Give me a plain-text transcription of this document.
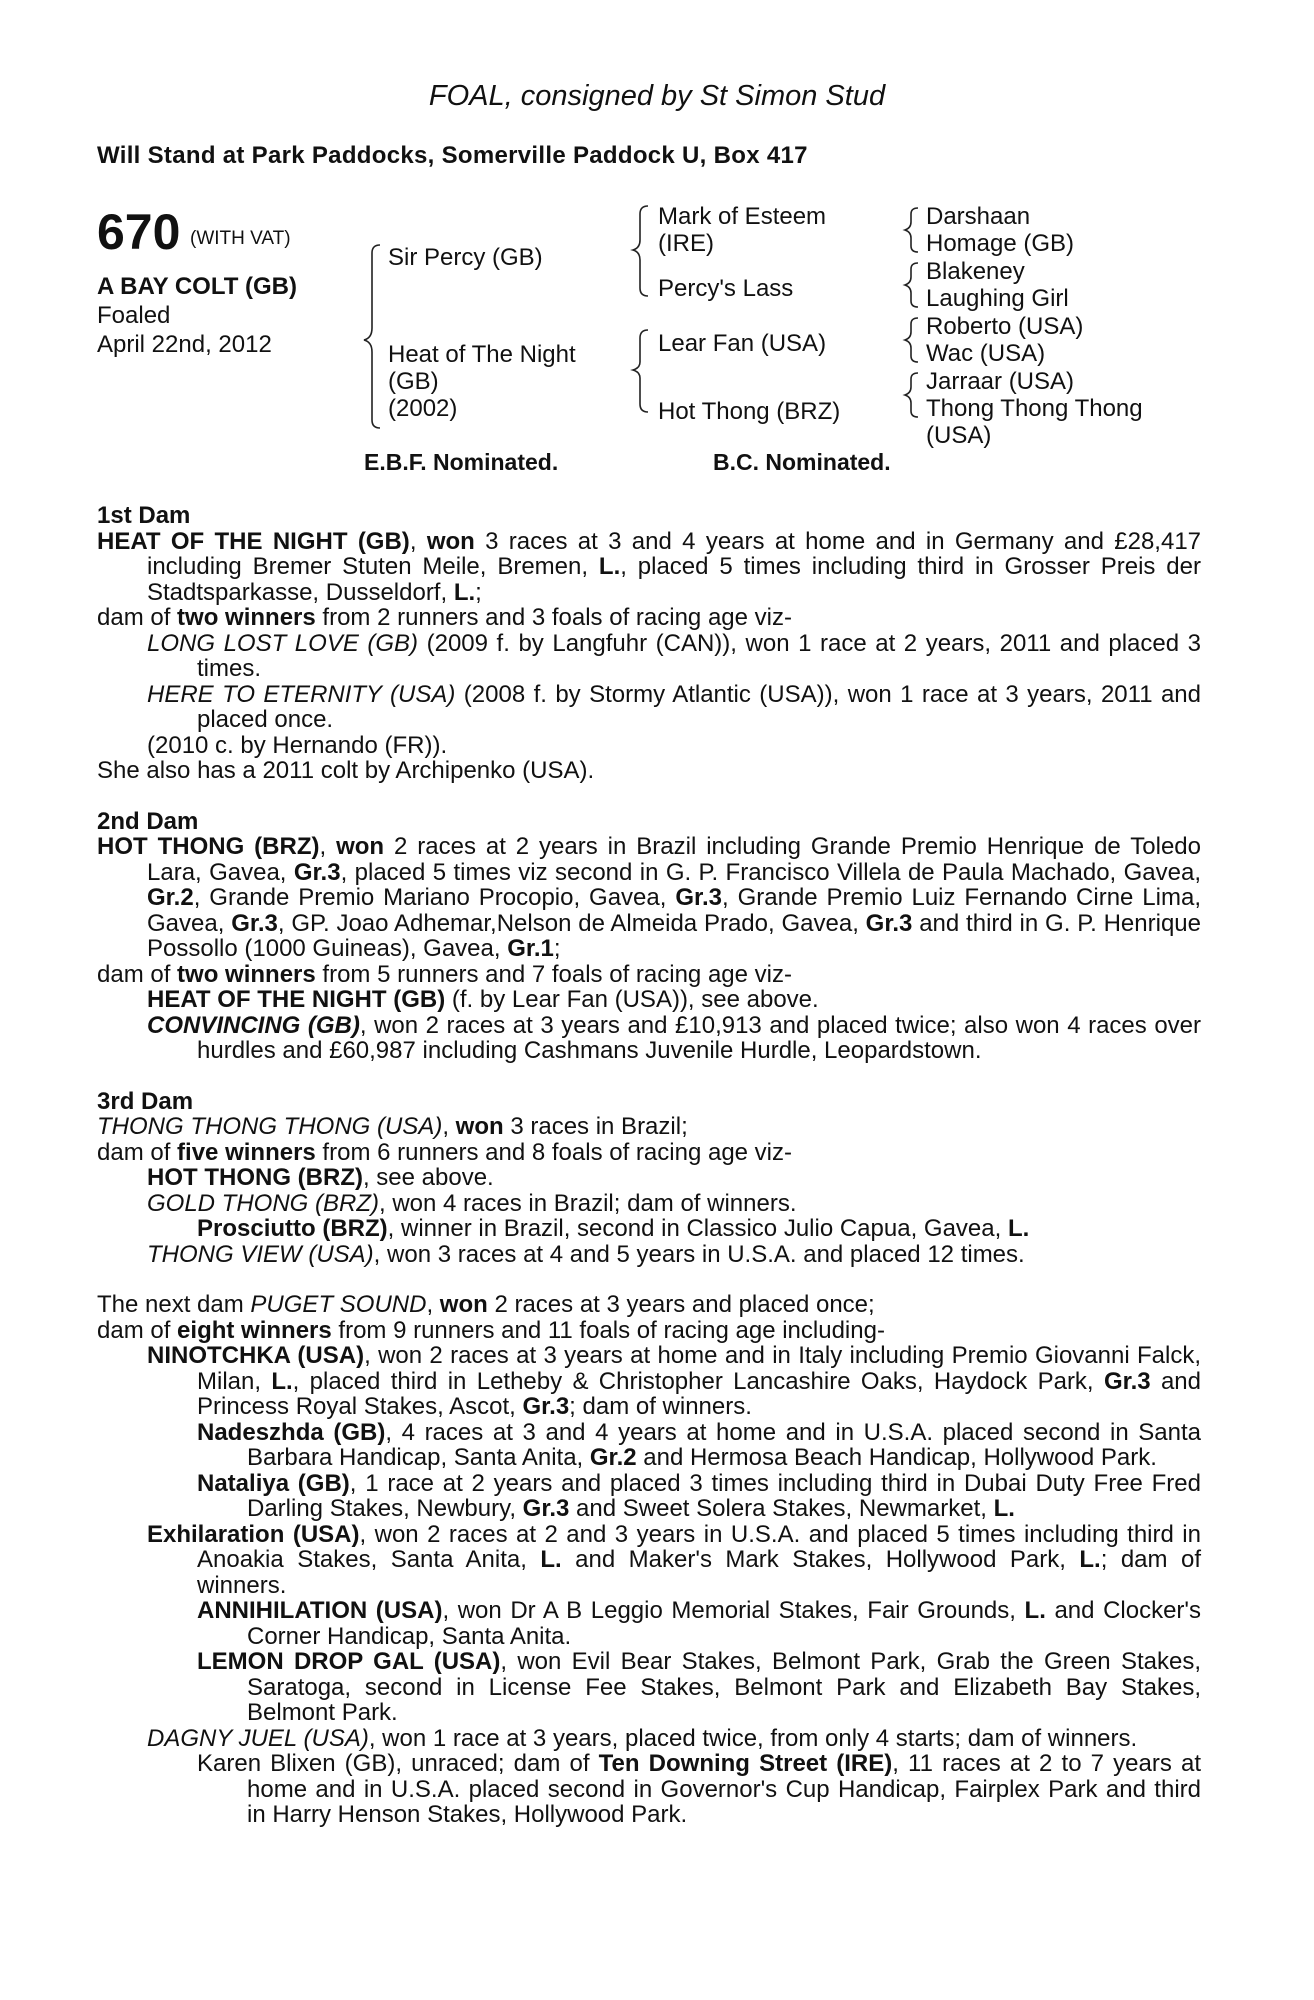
FOAL, consigned by St Simon Stud
Will Stand at Park Paddocks, Somerville Paddock U, Box 417
670 (WITH VAT)
A BAY COLT (GB)
Foaled
April 22nd, 2012
Sir Percy (GB)
Heat of The Night
(GB)
(2002)
Mark of Esteem
(IRE)
Percy's Lass
Lear Fan (USA)
Hot Thong (BRZ)
Darshaan
Homage (GB)
Blakeney
Laughing Girl
Roberto (USA)
Wac (USA)
Jarraar (USA)
Thong Thong Thong
(USA)
E.B.F. Nominated.	B.C. Nominated.

1st Dam

HEAT OF THE NIGHT (GB), won 3 races at 3 and 4 years at home and in Germany and £28,417 including Bremer Stuten Meile, Bremen, L., placed 5 times including third in Grosser Preis der Stadtsparkasse, Dusseldorf, L.;

dam of two winners from 2 runners and 3 foals of racing age viz-

LONG LOST LOVE (GB) (2009 f. by Langfuhr (CAN)), won 1 race at 2 years, 2011 and placed 3 times.

HERE TO ETERNITY (USA) (2008 f. by Stormy Atlantic (USA)), won 1 race at 3 years, 2011 and placed once.

(2010 c. by Hernando (FR)).

She also has a 2011 colt by Archipenko (USA).

2nd Dam

HOT THONG (BRZ), won 2 races at 2 years in Brazil including Grande Premio Henrique de Toledo Lara, Gavea, Gr.3, placed 5 times viz second in G. P. Francisco Villela de Paula Machado, Gavea, Gr.2, Grande Premio Mariano Procopio, Gavea, Gr.3, Grande Premio Luiz Fernando Cirne Lima, Gavea, Gr.3, GP. Joao Adhemar,Nelson de Almeida Prado, Gavea, Gr.3 and third in G. P. Henrique Possollo (1000 Guineas), Gavea, Gr.1;

dam of two winners from 5 runners and 7 foals of racing age viz-

HEAT OF THE NIGHT (GB) (f. by Lear Fan (USA)), see above.

CONVINCING (GB), won 2 races at 3 years and £10,913 and placed twice; also won 4 races over hurdles and £60,987 including Cashmans Juvenile Hurdle, Leopardstown.

3rd Dam

THONG THONG THONG (USA), won 3 races in Brazil;

dam of five winners from 6 runners and 8 foals of racing age viz-

HOT THONG (BRZ), see above.

GOLD THONG (BRZ), won 4 races in Brazil; dam of winners.

Prosciutto (BRZ), winner in Brazil, second in Classico Julio Capua, Gavea, L.

THONG VIEW (USA), won 3 races at 4 and 5 years in U.S.A. and placed 12 times.

The next dam PUGET SOUND, won 2 races at 3 years and placed once;

dam of eight winners from 9 runners and 11 foals of racing age including-

NINOTCHKA (USA), won 2 races at 3 years at home and in Italy including Premio Giovanni Falck, Milan, L., placed third in Letheby & Christopher Lancashire Oaks, Haydock Park, Gr.3 and Princess Royal Stakes, Ascot, Gr.3; dam of winners.

Nadeszhda (GB), 4 races at 3 and 4 years at home and in U.S.A. placed second in Santa Barbara Handicap, Santa Anita, Gr.2 and Hermosa Beach Handicap, Hollywood Park.

Nataliya (GB), 1 race at 2 years and placed 3 times including third in Dubai Duty Free Fred Darling Stakes, Newbury, Gr.3 and Sweet Solera Stakes, Newmarket, L.

Exhilaration (USA), won 2 races at 2 and 3 years in U.S.A. and placed 5 times including third in Anoakia Stakes, Santa Anita, L. and Maker's Mark Stakes, Hollywood Park, L.; dam of winners.

ANNIHILATION (USA), won Dr A B Leggio Memorial Stakes, Fair Grounds, L. and Clocker's Corner Handicap, Santa Anita.

LEMON DROP GAL (USA), won Evil Bear Stakes, Belmont Park, Grab the Green Stakes, Saratoga, second in License Fee Stakes, Belmont Park and Elizabeth Bay Stakes, Belmont Park.

DAGNY JUEL (USA), won 1 race at 3 years, placed twice, from only 4 starts; dam of winners.

Karen Blixen (GB), unraced; dam of Ten Downing Street (IRE), 11 races at 2 to 7 years at home and in U.S.A. placed second in Governor's Cup Handicap, Fairplex Park and third in Harry Henson Stakes, Hollywood Park.
